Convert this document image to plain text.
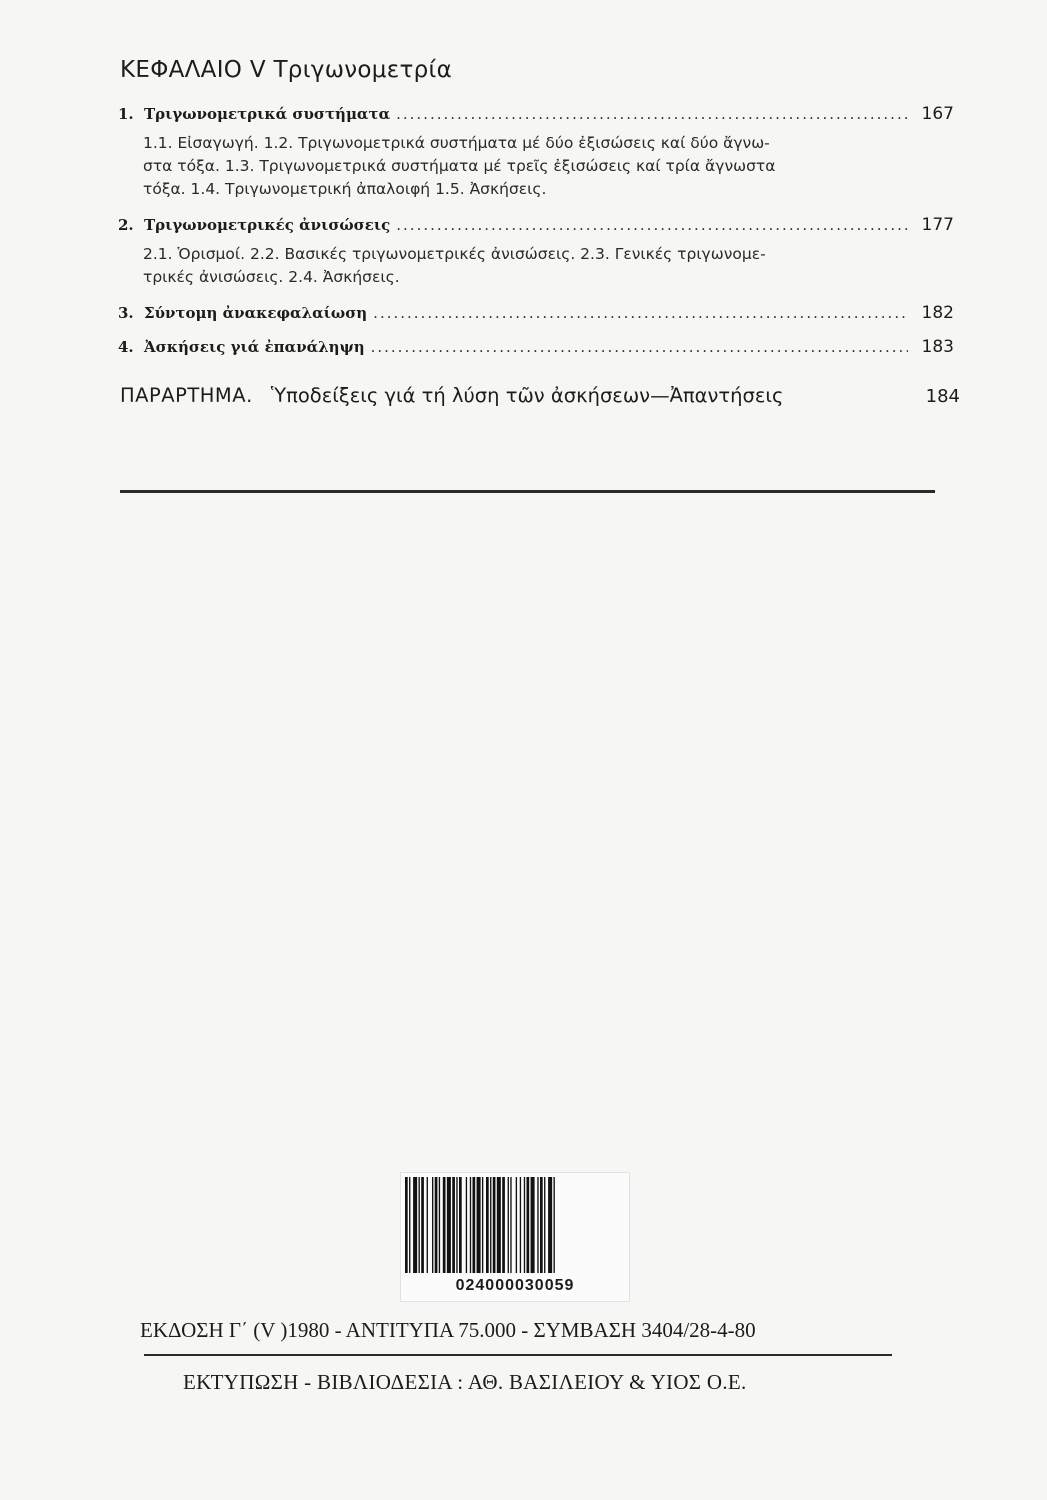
ΚΕΦΑΛΑΙΟ V Τριγωνομετρία
1. Τριγωνομετρικά συστήματα .....	167
1.1. Εἰσαγωγή. 1.2. Τριγωνομετρικά συστήματα μέ δύο ἐξισώσεις καί δύο ἄγνω-
στα τόξα. 1.3. Τριγωνομετρικά συστήματα μέ τρεῖς ἐξισώσεις καί τρία ἄγνωστα
τόξα. 1.4. Τριγωνομετρική ἀπαλοιφή 1.5. Ἀσκήσεις.
2. Τριγωνομετρικές ἀνισώσεις .....	177
2.1. Ὁρισμοί. 2.2. Βασικές τριγωνομετρικές ἀνισώσεις. 2.3. Γενικές τριγωνομε-
τρικές ἀνισώσεις. 2.4. Ἀσκήσεις.
3. Σύντομη ἀνακεφαλαίωση .....	182
4. Ἀσκήσεις γιά ἐπανάληψη .....	183
ΠΑΡΑΡΤΗΜΑ. Ὑποδείξεις γιά τή λύση τῶν ἀσκήσεων—Ἀπαντήσεις	184
024000030059
ΕΚΔΟΣΗ Γ΄ (V )1980 - ΑΝΤΙΤΥΠΑ 75.000 - ΣΥΜΒΑΣΗ 3404/28-4-80
ΕΚΤΥΠΩΣΗ - ΒΙΒΛΙΟΔΕΣΙΑ : ΑΘ. ΒΑΣΙΛΕΙΟΥ & ΥΙΟΣ Ο.Ε.
